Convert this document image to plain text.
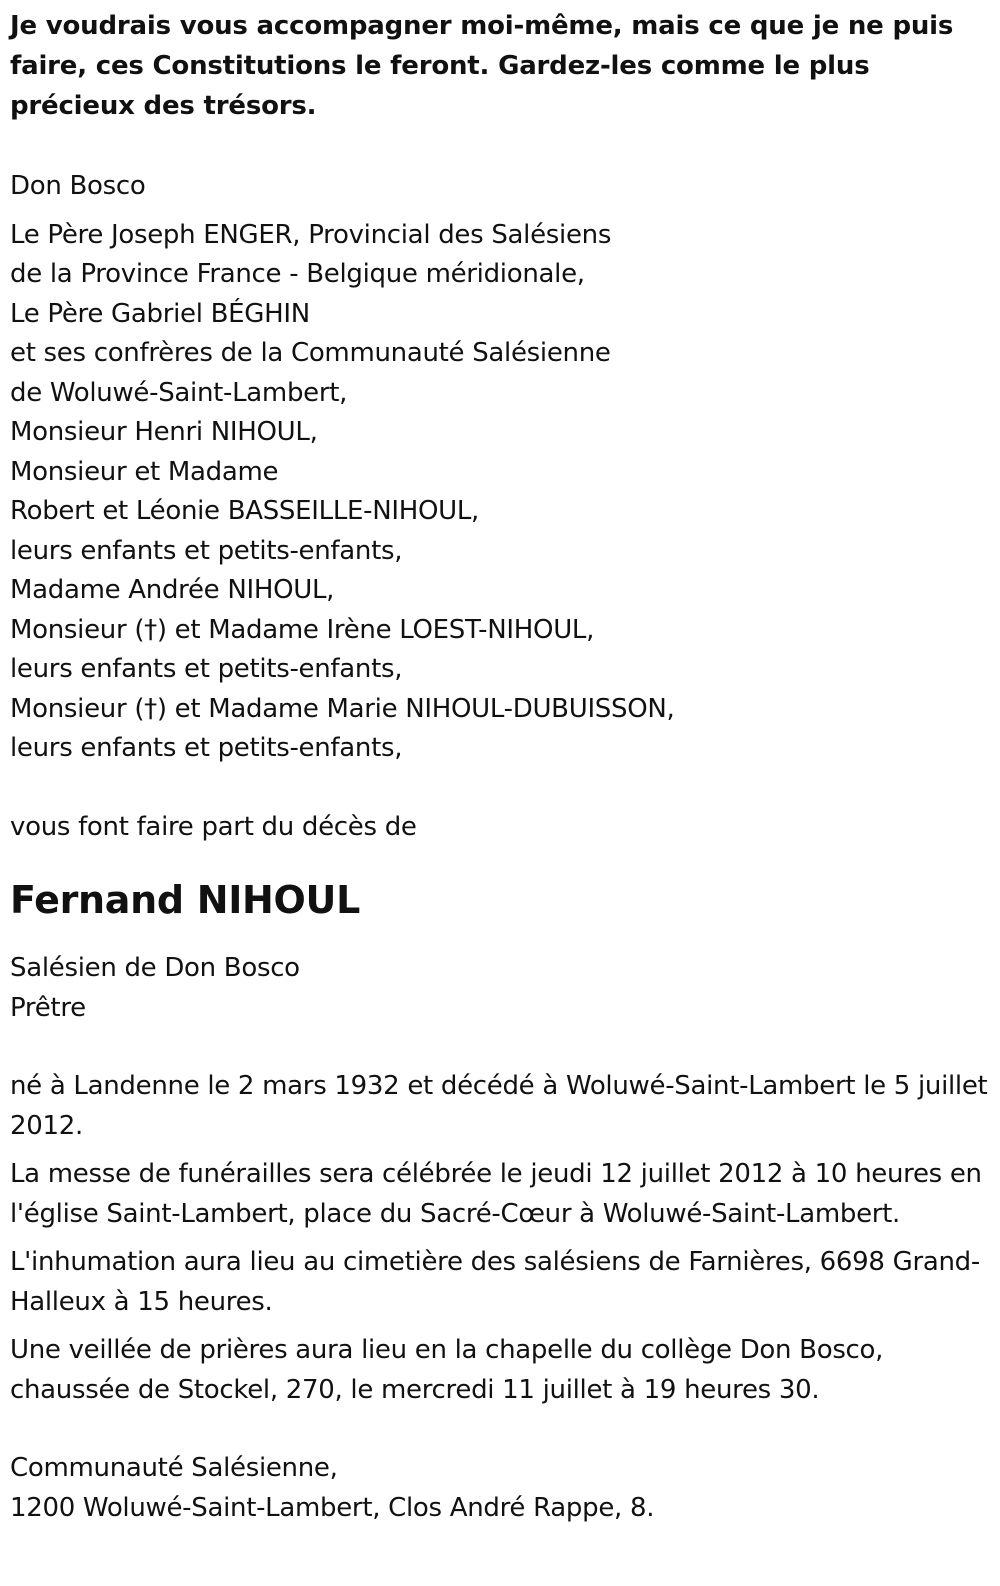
Je voudrais vous accompagner moi-même, mais ce que je ne puis faire, ces Constitutions le feront. Gardez-les comme le plus précieux des trésors.
Don Bosco
Le Père Joseph ENGER, Provincial des Salésiens
de la Province France - Belgique méridionale,
Le Père Gabriel BÉGHIN
et ses confrères de la Communauté Salésienne
de Woluwé-Saint-Lambert,
Monsieur Henri NIHOUL,
Monsieur et Madame
Robert et Léonie BASSEILLE-NIHOUL,
leurs enfants et petits-enfants,
Madame Andrée NIHOUL,
Monsieur (†) et Madame Irène LOEST-NIHOUL,
leurs enfants et petits-enfants,
Monsieur (†) et Madame Marie NIHOUL-DUBUISSON,
leurs enfants et petits-enfants,
vous font faire part du décès de
Fernand NIHOUL
Salésien de Don Bosco
Prêtre
né à Landenne le 2 mars 1932 et décédé à Woluwé-Saint-Lambert le 5 juillet 2012.
La messe de funérailles sera célébrée le jeudi 12 juillet 2012 à 10 heures en l'église Saint-Lambert, place du Sacré-Cœur à Woluwé-Saint-Lambert.
L'inhumation aura lieu au cimetière des salésiens de Farnières, 6698 Grand-Halleux à 15 heures.
Une veillée de prières aura lieu en la chapelle du collège Don Bosco, chaussée de Stockel, 270, le mercredi 11 juillet à 19 heures 30.
Communauté Salésienne,
1200 Woluwé-Saint-Lambert, Clos André Rappe, 8.
